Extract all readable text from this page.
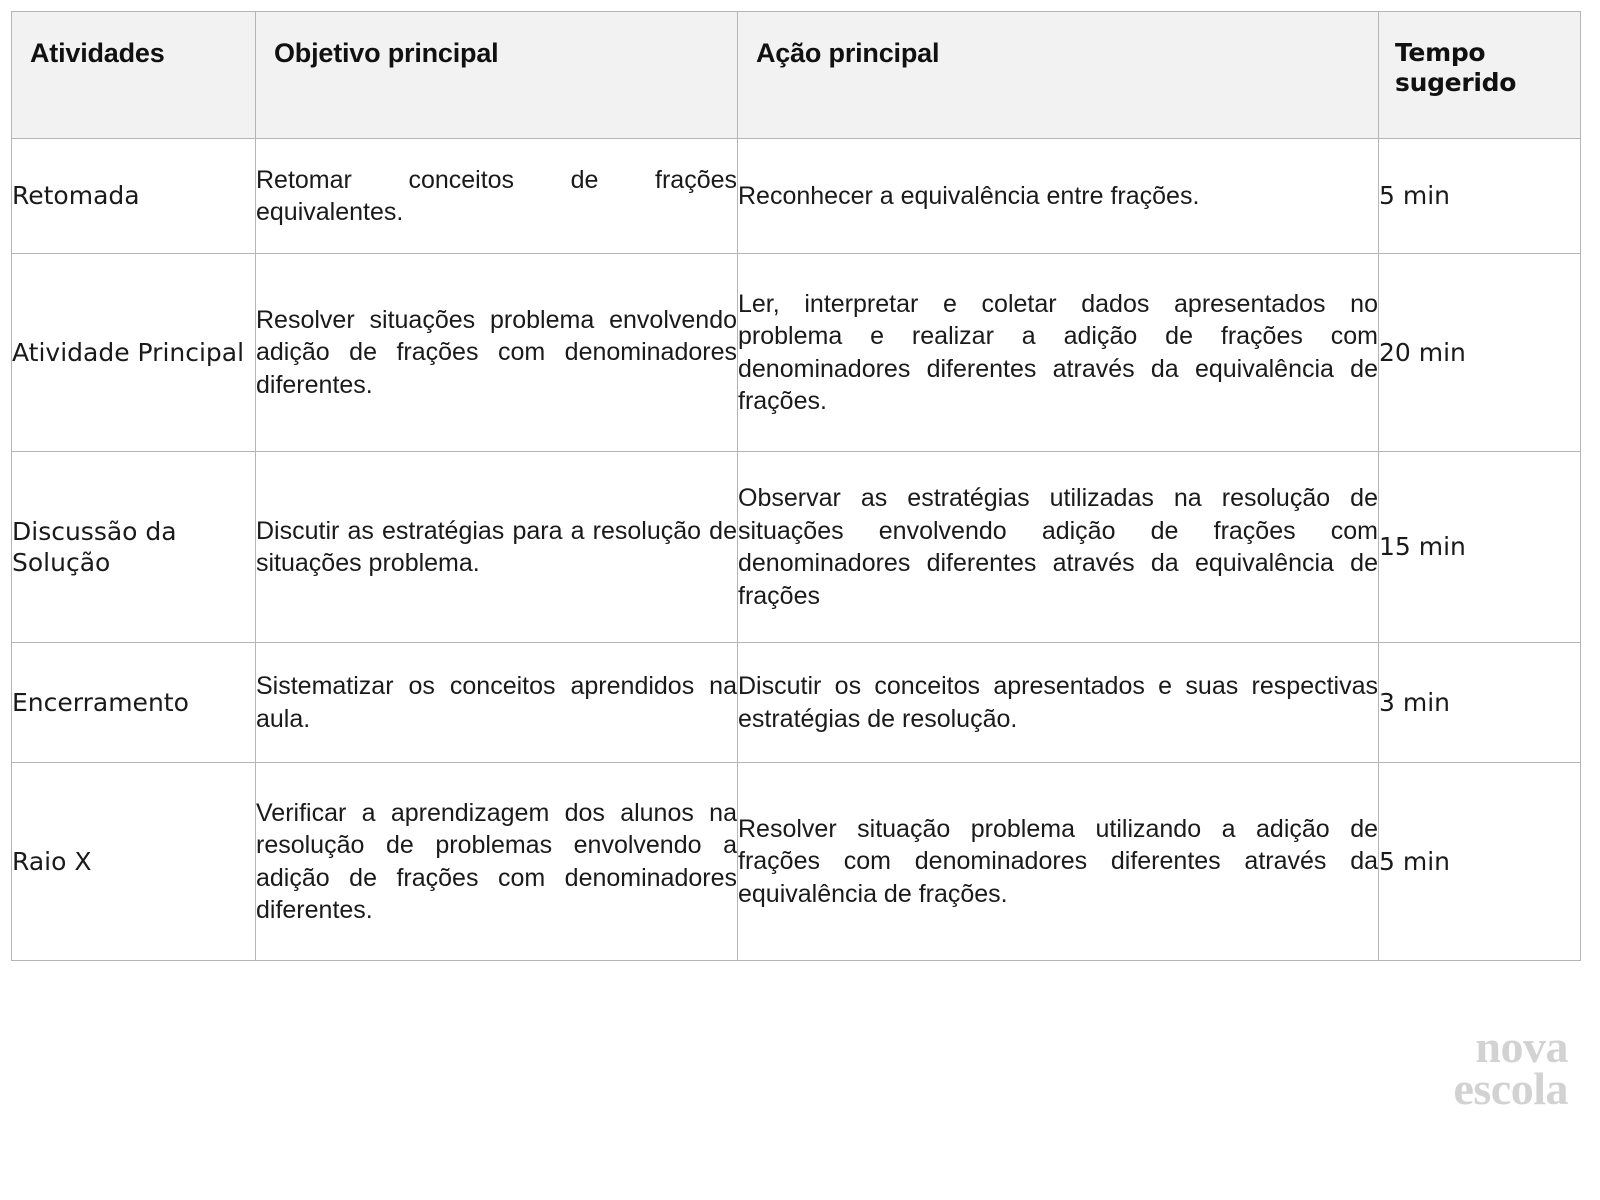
Atividades	Objetivo principal	Ação principal	Tempo
sugerido
Retomada	Retomar conceitos de frações equivalentes.	Reconhecer a equivalência entre frações.	5 min
Atividade Principal	Resolver situações problema envolvendo adição de frações com denominadores diferentes.	Ler, interpretar e coletar dados apresentados no problema e realizar a adição de frações com denominadores diferentes através da equivalência de frações.	20 min
Discussão da Solução	Discutir as estratégias para a resolução de situações problema.	Observar as estratégias utilizadas na resolução de situações envolvendo adição de frações com denominadores diferentes através da equivalência de frações	15 min
Encerramento	Sistematizar os conceitos aprendidos na aula.	Discutir os conceitos apresentados e suas respectivas estratégias de resolução.	3 min
Raio X	Verificar a aprendizagem dos alunos na resolução de problemas envolvendo a adição de frações com denominadores diferentes.	Resolver situação problema utilizando a adição de frações com denominadores diferentes através da equivalência de frações.	5 min
nova
escola
